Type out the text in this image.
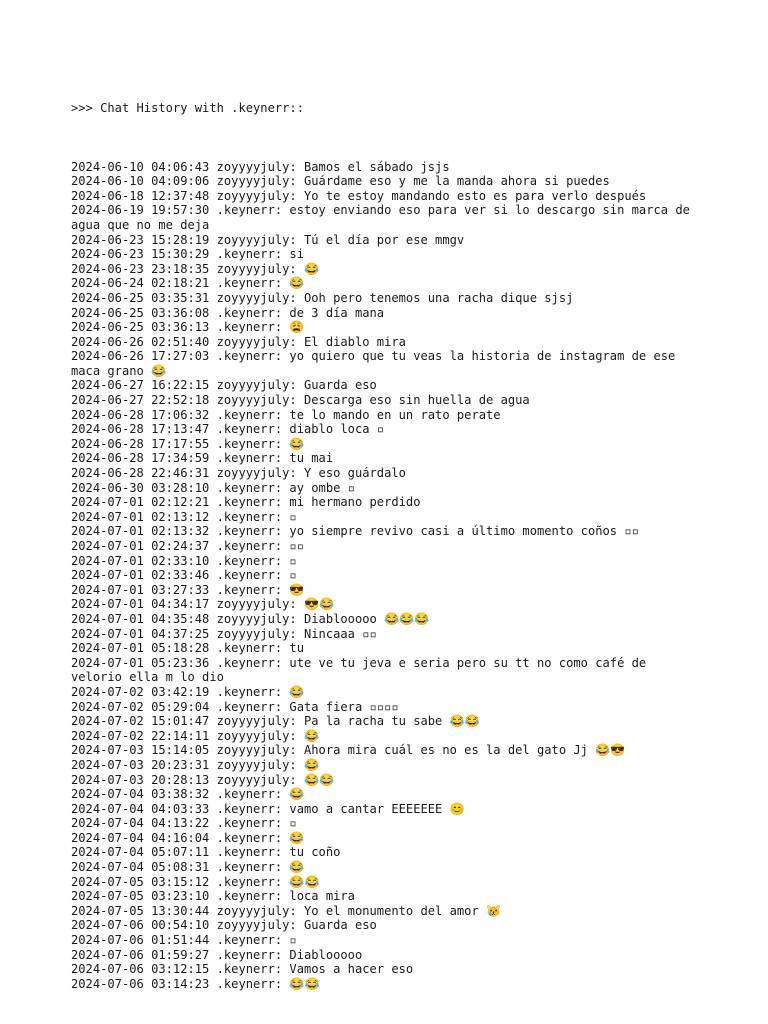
>>> Chat History with .keynerr::

2024-06-10 04:06:43 zoyyyyjuly: Bamos el sábado jsjs
2024-06-10 04:09:06 zoyyyyjuly: Guárdame eso y me la manda ahora si puedes
2024-06-18 12:37:48 zoyyyyjuly: Yo te estoy mandando esto es para verlo después
2024-06-19 19:57:30 .keynerr: estoy enviando eso para ver si lo descargo sin marca de agua que no me deja
2024-06-23 15:28:19 zoyyyyjuly: Tú el día por ese mmgv
2024-06-23 15:30:29 .keynerr: si
2024-06-23 23:18:35 zoyyyyjuly: 😂
2024-06-24 02:18:21 .keynerr: 😂
2024-06-25 03:35:31 zoyyyyjuly: Ooh pero tenemos una racha dique sjsj
2024-06-25 03:36:08 .keynerr: de 3 día mana
2024-06-25 03:36:13 .keynerr: 😩
2024-06-26 02:51:40 zoyyyyjuly: El diablo mira
2024-06-26 17:27:03 .keynerr: yo quiero que tu veas la historia de instagram de ese maca grano 😂
2024-06-27 16:22:15 zoyyyyjuly: Guarda eso
2024-06-27 22:52:18 zoyyyyjuly: Descarga eso sin huella de agua
2024-06-28 17:06:32 .keynerr: te lo mando en un rato perate
2024-06-28 17:13:47 .keynerr: diablo loca ▫
2024-06-28 17:17:55 .keynerr: 😂
2024-06-28 17:34:59 .keynerr: tu mai
2024-06-28 22:46:31 zoyyyyjuly: Y eso guárdalo
2024-06-30 03:28:10 .keynerr: ay ombe ▫
2024-07-01 02:12:21 .keynerr: mi hermano perdido
2024-07-01 02:13:12 .keynerr: ▫
2024-07-01 02:13:32 .keynerr: yo siempre revivo casi a último momento coños ▫▫
2024-07-01 02:24:37 .keynerr: ▫▫
2024-07-01 02:33:10 .keynerr: ▫
2024-07-01 02:33:46 .keynerr: ▫
2024-07-01 03:27:33 .keynerr: 😎
2024-07-01 04:34:17 zoyyyyjuly: 😎😂
2024-07-01 04:35:48 zoyyyyjuly: Diablooooo 😂😂😂
2024-07-01 04:37:25 zoyyyyjuly: Nincaaa ▫▫
2024-07-01 05:18:28 .keynerr: tu
2024-07-01 05:23:36 .keynerr: ute ve tu jeva e seria pero su tt no como café de velorio ella m lo dio
2024-07-02 03:42:19 .keynerr: 😂
2024-07-02 05:29:04 .keynerr: Gata fiera ▫▫▫▫
2024-07-02 15:01:47 zoyyyyjuly: Pa la racha tu sabe 😂😂
2024-07-02 22:14:11 zoyyyyjuly: 😂
2024-07-03 15:14:05 zoyyyyjuly: Ahora mira cuál es no es la del gato Jj 😂😎
2024-07-03 20:23:31 zoyyyyjuly: 😂
2024-07-03 20:28:13 zoyyyyjuly: 😂😂
2024-07-04 03:38:32 .keynerr: 😂
2024-07-04 04:03:33 .keynerr: vamo a cantar EEEEEEE 😊
2024-07-04 04:13:22 .keynerr: ▫
2024-07-04 04:16:04 .keynerr: 😂
2024-07-04 05:07:11 .keynerr: tu coño
2024-07-04 05:08:31 .keynerr: 😂
2024-07-05 03:15:12 .keynerr: 😂😂
2024-07-05 03:23:10 .keynerr: loca mira
2024-07-05 13:30:44 zoyyyyjuly: Yo el monumento del amor 😿
2024-07-06 00:54:10 zoyyyyjuly: Guarda eso
2024-07-06 01:51:44 .keynerr: ▫
2024-07-06 01:59:27 .keynerr: Diablooooo
2024-07-06 03:12:15 .keynerr: Vamos a hacer eso
2024-07-06 03:14:23 .keynerr: 😂😂
